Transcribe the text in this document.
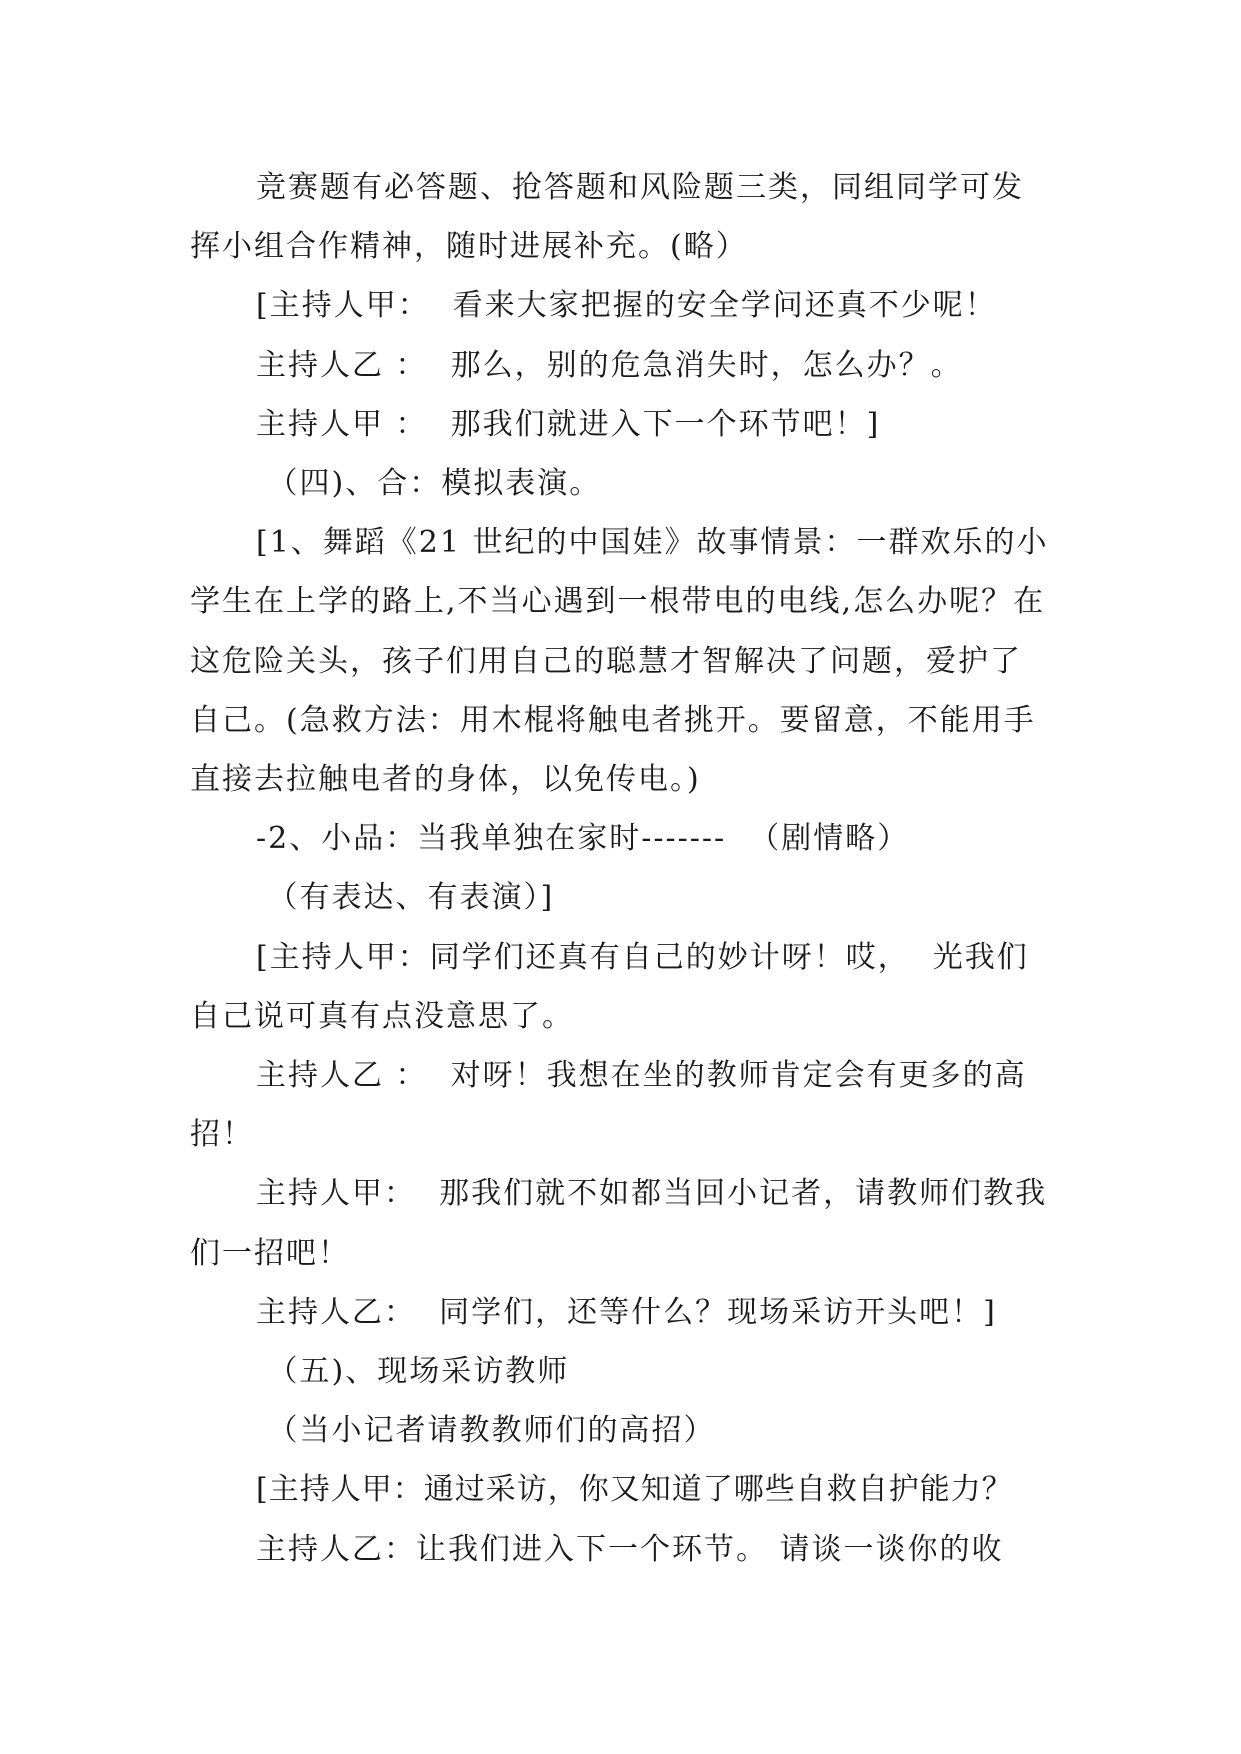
竞赛题有必答题、抢答题和风险题三类，同组同学可发挥小组合作精神，随时进展补充。(略）

[主持人甲：  看来大家把握的安全学问还真不少呢！

主持人乙 ：  那么，别的危急消失时，怎么办？。

主持人甲 ：  那我们就进入下一个环节吧！]

（四)、合：模拟表演。

[1、舞蹈《21 世纪的中国娃》故事情景：一群欢乐的小学生在上学的路上,不当心遇到一根带电的电线,怎么办呢？在这危险关头，孩子们用自己的聪慧才智解决了问题，爱护了自己。(急救方法：用木棍将触电者挑开。要留意，不能用手直接去拉触电者的身体，以免传电。)

-2、小品：当我单独在家时-------  （剧情略）

（有表达、有表演）]

[主持人甲：同学们还真有自己的妙计呀！哎，  光我们自己说可真有点没意思了。

主持人乙 ：  对呀！我想在坐的教师肯定会有更多的高招！

主持人甲：  那我们就不如都当回小记者，请教师们教我们一招吧！

主持人乙：  同学们，还等什么？现场采访开头吧！]

（五)、现场采访教师

（当小记者请教教师们的高招）

[主持人甲：通过采访，你又知道了哪些自救自护能力？

主持人乙：让我们进入下一个环节。 请谈一谈你的收
